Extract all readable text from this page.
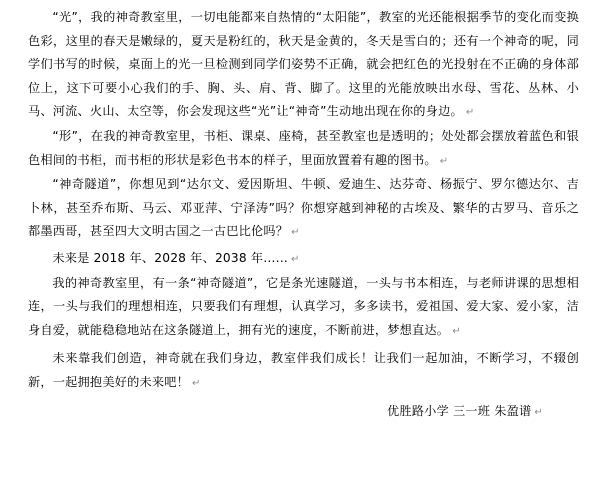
“光”，我的神奇教室里，一切电能都来自热情的“太阳能”，教室的光还能根据季节的变化而变换色彩，这里的春天是嫩绿的，夏天是粉红的，秋天是金黄的，冬天是雪白的；还有一个神奇的呢，同学们书写的时候，桌面上的光一旦检测到同学们姿势不正确，就会把红色的光投射在不正确的身体部位上，这下可要小心我们的手、胸、头、肩、背、脚了。这里的光能放映出水母、雪花、丛林、小马、河流、火山、太空等，你会发现这些“光”让“神奇”生动地出现在你的身边。 ↵

“形”，在我的神奇教室里，书柜、课桌、座椅，甚至教室也是透明的；处处都会摆放着蓝色和银色相间的书柜，而书柜的形状是彩色书本的样子，里面放置着有趣的图书。 ↵

“神奇隧道”，你想见到“达尔文、爱因斯坦、牛顿、爱迪生、达芬奇、杨振宁、罗尔德达尔、吉卜林，甚至乔布斯、马云、邓亚萍、宁泽涛”吗？你想穿越到神秘的古埃及、繁华的古罗马、音乐之都墨西哥，甚至四大文明古国之一古巴比伦吗？ ↵

未来是 2018 年、2028 年、2038 年…… ↵

我的神奇教室里，有一条“神奇隧道”，它是条光速隧道，一头与书本相连，与老师讲课的思想相连，一头与我们的理想相连，只要我们有理想，认真学习，多多读书，爱祖国、爱大家、爱小家，洁身自爱，就能稳稳地站在这条隧道上，拥有光的速度，不断前进，梦想直达。 ↵

未来靠我们创造，神奇就在我们身边，教室伴我们成长！让我们一起加油，不断学习，不辍创新，一起拥抱美好的未来吧！ ↵

优胜路小学 三一班 朱盈谱 ↵
